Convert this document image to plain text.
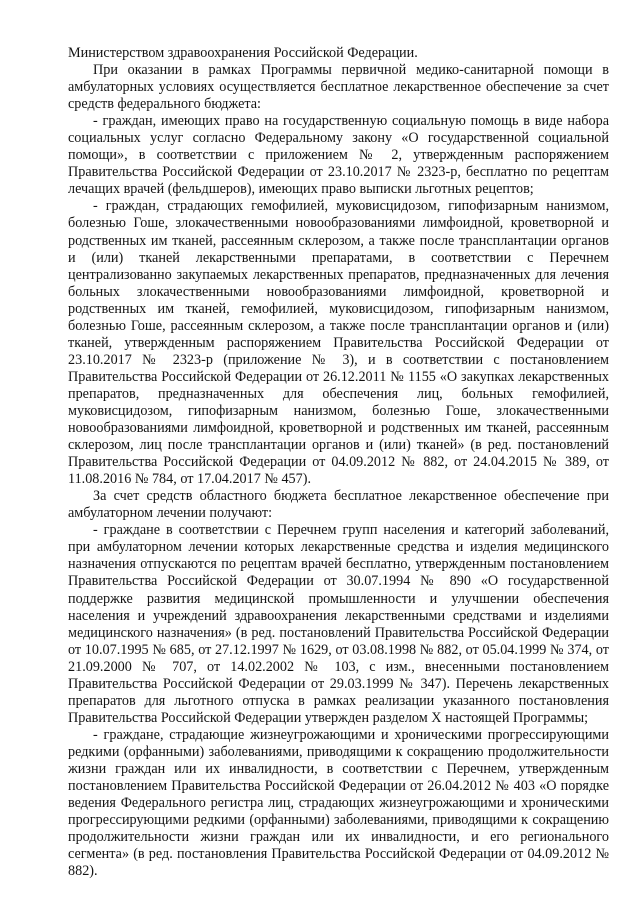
Министерством здравоохранения Российской Федерации.

При оказании в рамках Программы первичной медико-санитарной помощи в амбулаторных условиях осуществляется бесплатное лекарственное обеспечение за счет средств федерального бюджета:

- граждан, имеющих право на государственную социальную помощь в виде набора социальных услуг согласно Федеральному закону «О государственной социальной помощи», в соответствии с приложением № 2, утвержденным распоряжением Правительства Российской Федерации от 23.10.2017 № 2323-р, бесплатно по рецептам лечащих врачей (фельдшеров), имеющих право выписки льготных рецептов;

- граждан, страдающих гемофилией, муковисцидозом, гипофизарным нанизмом, болезнью Гоше, злокачественными новообразованиями лимфоидной, кроветворной и родственных им тканей, рассеянным склерозом, а также после трансплантации органов и (или) тканей лекарственными препаратами, в соответствии с Перечнем централизованно закупаемых лекарственных препаратов, предназначенных для лечения больных злокачественными новообразованиями лимфоидной, кроветворной и родственных им тканей, гемофилией, муковисцидозом, гипофизарным нанизмом, болезнью Гоше, рассеянным склерозом, а также после трансплантации органов и (или) тканей, утвержденным распоряжением Правительства Российской Федерации от 23.10.2017 № 2323-р (приложение № 3), и в соответствии с постановлением Правительства Российской Федерации от 26.12.2011 № 1155 «О закупках лекарственных препаратов, предназначенных для обеспечения лиц, больных гемофилией, муковисцидозом, гипофизарным нанизмом, болезнью Гоше, злокачественными новообразованиями лимфоидной, кроветворной и родственных им тканей, рассеянным склерозом, лиц после трансплантации органов и (или) тканей» (в ред. постановлений Правительства Российской Федерации от 04.09.2012 № 882, от 24.04.2015 № 389, от 11.08.2016 № 784, от 17.04.2017 № 457).

За счет средств областного бюджета бесплатное лекарственное обеспечение при амбулаторном лечении получают:

- граждане в соответствии с Перечнем групп населения и категорий заболеваний, при амбулаторном лечении которых лекарственные средства и изделия медицинского назначения отпускаются по рецептам врачей бесплатно, утвержденным постановлением Правительства Российской Федерации от 30.07.1994 № 890 «О государственной поддержке развития медицинской промышленности и улучшении обеспечения населения и учреждений здравоохранения лекарственными средствами и изделиями медицинского назначения» (в ред. постановлений Правительства Российской Федерации от 10.07.1995 № 685, от 27.12.1997 № 1629, от 03.08.1998 № 882, от 05.04.1999 № 374, от 21.09.2000 № 707, от 14.02.2002 № 103, с изм., внесенными постановлением Правительства Российской Федерации от 29.03.1999 № 347). Перечень лекарственных препаратов для льготного отпуска в рамках реализации указанного постановления Правительства Российской Федерации утвержден разделом X настоящей Программы;

- граждане, страдающие жизнеугрожающими и хроническими прогрессирующими редкими (орфанными) заболеваниями, приводящими к сокращению продолжительности жизни граждан или их инвалидности, в соответствии с Перечнем, утвержденным постановлением Правительства Российской Федерации от 26.04.2012 № 403 «О порядке ведения Федерального регистра лиц, страдающих жизнеугрожающими и хроническими прогрессирующими редкими (орфанными) заболеваниями, приводящими к сокращению продолжительности жизни граждан или их инвалидности, и его регионального сегмента» (в ред. постановления Правительства Российской Федерации от 04.09.2012 № 882).
